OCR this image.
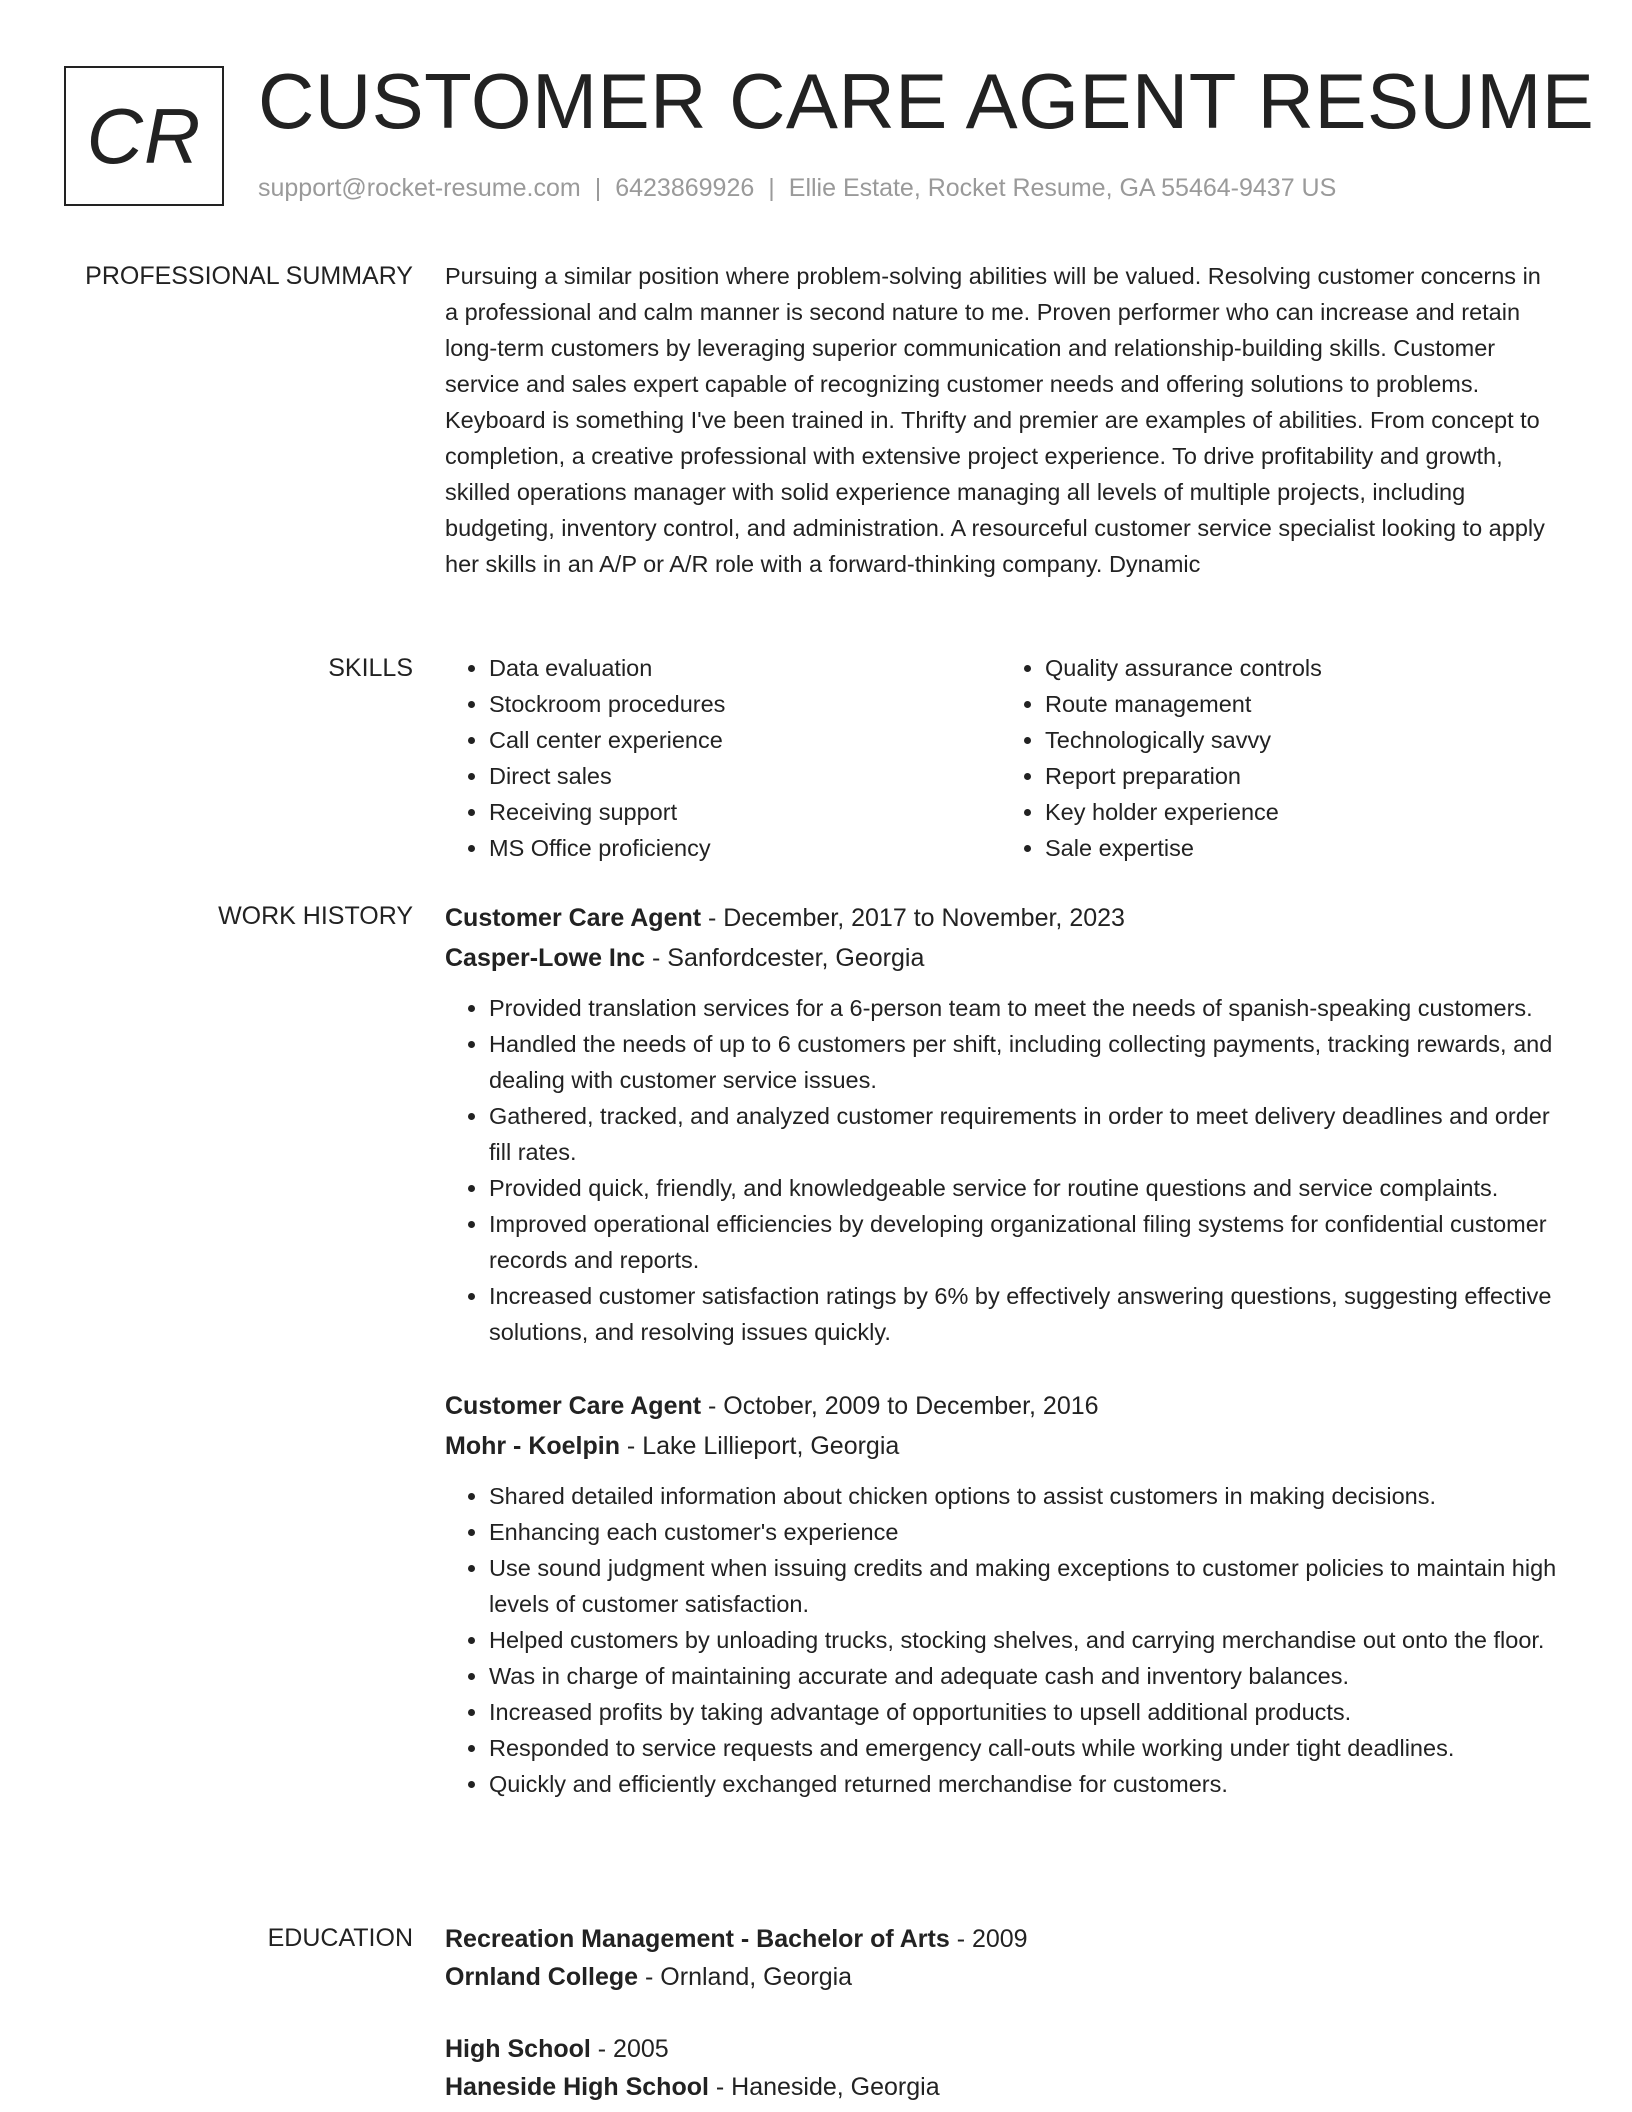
CR CUSTOMER CARE AGENT RESUME
support@rocket-resume.com | 6423869926 | Ellie Estate, Rocket Resume, GA 55464-9437 US
PROFESSIONAL SUMMARY Pursuing a similar position where problem-solving abilities will be valued. Resolving customer concerns in a professional and calm manner is second nature to me. Proven performer who can increase and retain long-term customers by leveraging superior communication and relationship-building skills. Customer service and sales expert capable of recognizing customer needs and offering solutions to problems. Keyboard is something I've been trained in. Thrifty and premier are examples of abilities. From concept to completion, a creative professional with extensive project experience. To drive profitability and growth, skilled operations manager with solid experience managing all levels of multiple projects, including budgeting, inventory control, and administration. A resourceful customer service specialist looking to apply her skills in an A/P or A/R role with a forward-thinking company. Dynamic

SKILLS
•	Data evaluation
• Stockroom procedures
• Call center experience
• Direct sales
• Receiving support
• MS Office proficiency
• Quality assurance controls
• Route management
• Technologically savvy
• Report preparation
• Key holder experience
• Sale expertise
WORK HISTORY Customer Care Agent - December, 2017 to November, 2023

Casper-Lowe Inc - Sanfordcester, Georgia

• Provided translation services for a 6-person team to meet the needs of spanish-speaking customers.
• Handled the needs of up to 6 customers per shift, including collecting payments, tracking rewards, and dealing with customer service issues.
• Gathered, tracked, and analyzed customer requirements in order to meet delivery deadlines and order fill rates.
• Provided quick, friendly, and knowledgeable service for routine questions and service complaints.
• Improved operational efficiencies by developing organizational filing systems for confidential customer records and reports.
• Increased customer satisfaction ratings by 6% by effectively answering questions, suggesting effective solutions, and resolving issues quickly.

Customer Care Agent - October, 2009 to December, 2016

Mohr - Koelpin - Lake Lillieport, Georgia

• Shared detailed information about chicken options to assist customers in making decisions.
• Enhancing each customer's experience
• Use sound judgment when issuing credits and making exceptions to customer policies to maintain high levels of customer satisfaction.
• Helped customers by unloading trucks, stocking shelves, and carrying merchandise out onto the floor.
• Was in charge of maintaining accurate and adequate cash and inventory balances.
• Increased profits by taking advantage of opportunities to upsell additional products.
• Responded to service requests and emergency call-outs while working under tight deadlines.
• Quickly and efficiently exchanged returned merchandise for customers.
EDUCATION Recreation Management - Bachelor of Arts - 2009

Ornland College - Ornland, Georgia

High School - 2005

Haneside High School - Haneside, Georgia
